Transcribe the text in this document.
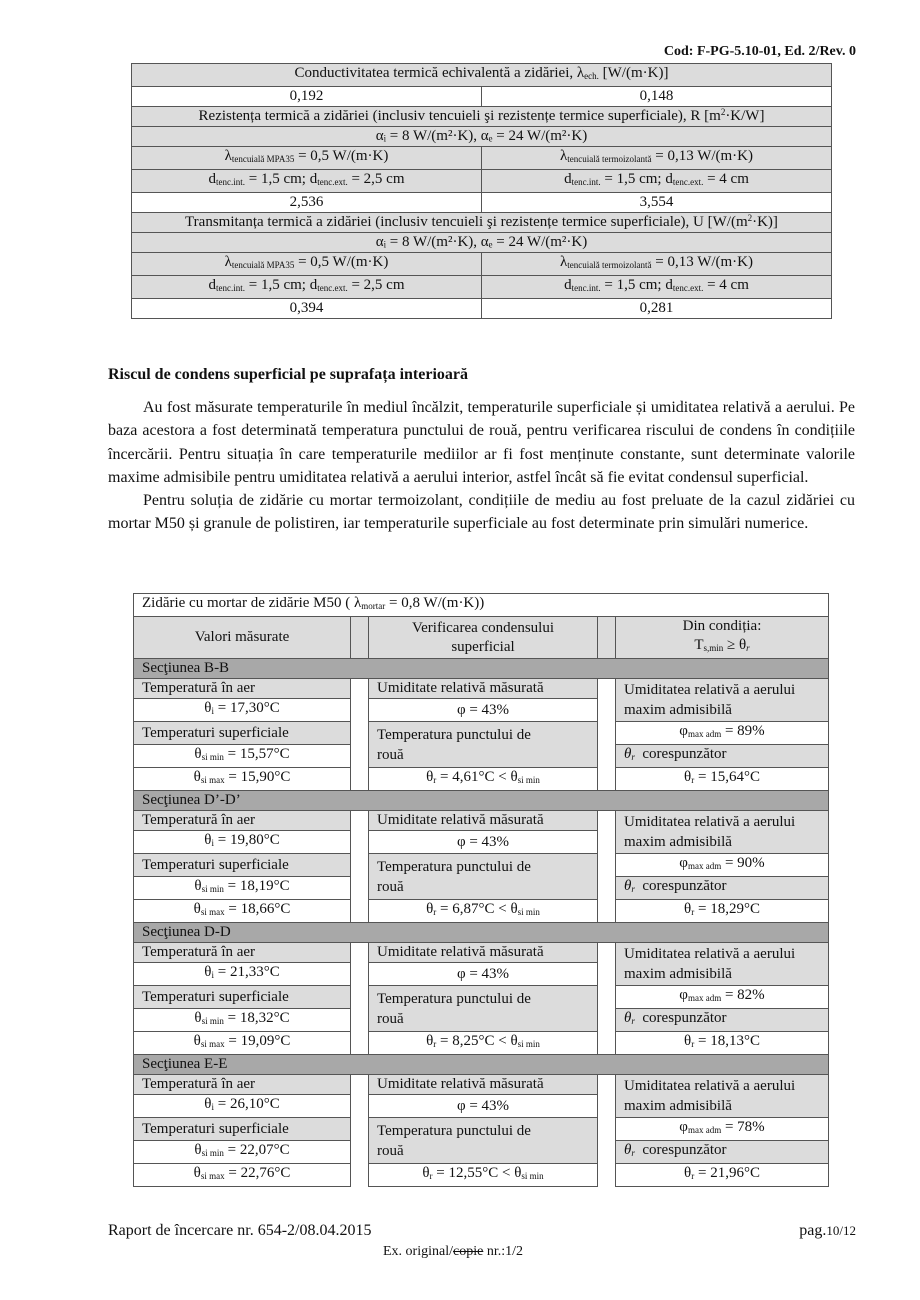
Cod: F-PG-5.10-01, Ed. 2/Rev. 0
Conductivitatea termică echivalentă a zidăriei, $\lambda_{ech.}$ [W/(m·K)]	
0,192	0,148
Rezistența termică a zidăriei (inclusiv tencuieli şi rezistențe termice superficiale), R $[m^2\cdot K/W]$	
αᵢ = 8 W/(m²·K), αₑ = 24 W/(m²·K)	
$\lambda_{tencuială MPA35} = 0,5$ W/(m·K)	$\lambda_{tencuială termoizolantă} = 0,13$ W/(m·K)
$d_{tenc.int.} = 1,5$ cm; $d_{tenc.ext.} = 2,5$ cm	$d_{tenc.int.} = 1,5$ cm; $d_{tenc.ext.} = 4$ cm
2,536	3,554
Transmitanța termică a zidăriei (inclusiv tencuieli şi rezistențe termice superficiale), U $[W/(m^2\cdot K)]$	
αᵢ = 8 W/(m²·K), αₑ = 24 W/(m²·K)	
$\lambda_{tencuială MPA35} = 0,5$ W/(m·K)	$\lambda_{tencuială termoizolantă} = 0,13$ W/(m·K)
$d_{tenc.int.} = 1,5$ cm; $d_{tenc.ext.} = 2,5$ cm	$d_{tenc.int.} = 1,5$ cm; $d_{tenc.ext.} = 4$ cm
0,394	0,281
Riscul de condens superficial pe suprafața interioară

Au fost măsurate temperaturile în mediul încălzit, temperaturile superficiale și umiditatea relativă a aerului. Pe baza acestora a fost determinată temperatura punctului de rouă, pentru verificarea riscului de condens în condițiile încercării. Pentru situația în care temperaturile mediilor ar fi fost menținute constante, sunt determinate valorile maxime admisibile pentru umiditatea relativă a aerului interior, astfel încât să fie evitat condensul superficial.

Pentru soluția de zidărie cu mortar termoizolant, condițiile de mediu au fost preluate de la cazul zidăriei cu mortar M50 și granule de polistiren, iar temperaturile superficiale au fost determinate prin simulări numerice.

Zidărie cu mortar de zidărie M50 ( $\lambda_{mortar} = 0,8$ W/(m·K))				
Valori măsurate		Verificarea condensului
superficial		Din condiția:
$T_{s,min} \ge \theta_r$
Secţiunea B-B				
Temperatură în aer		Umiditate relativă măsurată		Umiditatea relativă a aerului
maxim admisibilă
$\theta_i = 17,30^\circ C$		φ = 43%		
Temperaturi superficiale		Temperatura punctului de
rouă		$\varphi_{max adm} = 89\%$
$\theta_{si min} = 15,57^\circ C$				$\theta_r$ corespunzător
$\theta_{si max} = 15,90^\circ C$		$\theta_r = 4,61^\circ C < \theta_{si min}$		$\theta_r = 15,64^\circ C$
Secţiunea D’-D’				
Temperatură în aer		Umiditate relativă măsurată		Umiditatea relativă a aerului
maxim admisibilă
$\theta_i = 19,80^\circ C$		φ = 43%		
Temperaturi superficiale		Temperatura punctului de
rouă		$\varphi_{max adm} = 90\%$
$\theta_{si min} = 18,19^\circ C$				$\theta_r$ corespunzător
$\theta_{si max} = 18,66^\circ C$		$\theta_r = 6,87^\circ C < \theta_{si min}$		$\theta_r = 18,29^\circ C$
Secţiunea D-D				
Temperatură în aer		Umiditate relativă măsurată		Umiditatea relativă a aerului
maxim admisibilă
$\theta_i = 21,33^\circ C$		φ = 43%		
Temperaturi superficiale		Temperatura punctului de
rouă		$\varphi_{max adm} = 82\%$
$\theta_{si min} = 18,32^\circ C$				$\theta_r$ corespunzător
$\theta_{si max} = 19,09^\circ C$		$\theta_r = 8,25^\circ C < \theta_{si min}$		$\theta_r = 18,13^\circ C$
Secţiunea E-E				
Temperatură în aer		Umiditate relativă măsurată		Umiditatea relativă a aerului
maxim admisibilă
$\theta_i = 26,10^\circ C$		φ = 43%		
Temperaturi superficiale		Temperatura punctului de
rouă		$\varphi_{max adm} = 78\%$
$\theta_{si min} = 22,07^\circ C$				$\theta_r$ corespunzător
$\theta_{si max} = 22,76^\circ C$		$\theta_r = 12,55^\circ C < \theta_{si min}$		$\theta_r = 21,96^\circ C$
Raport de încercare nr. 654-2/08.04.2015	pag.10/12
Ex. original/copie nr.:1/2
